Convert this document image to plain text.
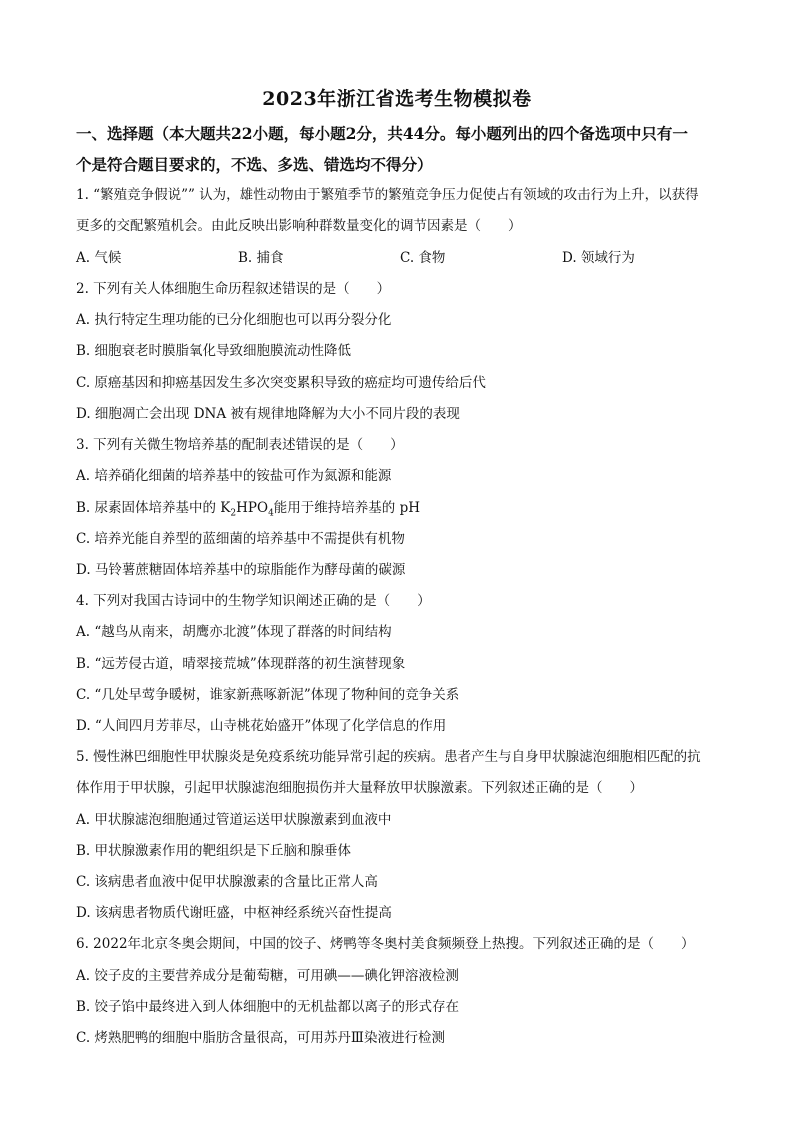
2023年浙江省选考生物模拟卷
一、选择题（本大题共22小题，每小题2分，共44分。每小题列出的四个备选项中只有一
个是符合题目要求的，不选、多选、错选均不得分）
1. “繁殖竞争假说”” 认为，雄性动物由于繁殖季节的繁殖竞争压力促使占有领域的攻击行为上升，以获得
更多的交配繁殖机会。由此反映出影响种群数量变化的调节因素是（　　）
A. 气候	B. 捕食	C. 食物	D. 领域行为
2. 下列有关人体细胞生命历程叙述错误的是（　　）
A. 执行特定生理功能的已分化细胞也可以再分裂分化
B. 细胞衰老时膜脂氧化导致细胞膜流动性降低
C. 原癌基因和抑癌基因发生多次突变累积导致的癌症均可遗传给后代
D. 细胞凋亡会出现 DNA 被有规律地降解为大小不同片段的表现
3. 下列有关微生物培养基的配制表述错误的是（　　）
A. 培养硝化细菌的培养基中的铵盐可作为氮源和能源
B. 尿素固体培养基中的 $K_2HPO_4$能用于维持培养基的 pH
C. 培养光能自养型的蓝细菌的培养基中不需提供有机物
D. 马铃薯蔗糖固体培养基中的琼脂能作为酵母菌的碳源
4. 下列对我国古诗词中的生物学知识阐述正确的是（　　）
A. “越鸟从南来，胡鹰亦北渡”体现了群落的时间结构
B. “远芳侵古道，晴翠接荒城”体现群落的初生演替现象
C. “几处早莺争暖树，谁家新燕啄新泥”体现了物种间的竞争关系
D. “人间四月芳菲尽，山寺桃花始盛开”体现了化学信息的作用
5. 慢性淋巴细胞性甲状腺炎是免疫系统功能异常引起的疾病。患者产生与自身甲状腺滤泡细胞相匹配的抗
体作用于甲状腺，引起甲状腺滤泡细胞损伤并大量释放甲状腺激素。下列叙述正确的是（　　）
A. 甲状腺滤泡细胞通过管道运送甲状腺激素到血液中
B. 甲状腺激素作用的靶组织是下丘脑和腺垂体
C. 该病患者血液中促甲状腺激素的含量比正常人高
D. 该病患者物质代谢旺盛，中枢神经系统兴奋性提高
6. 2022年北京冬奥会期间，中国的饺子、烤鸭等冬奥村美食频频登上热搜。下列叙述正确的是（　　）
A. 饺子皮的主要营养成分是葡萄糖，可用碘——碘化钾溶液检测
B. 饺子馅中最终进入到人体细胞中的无机盐都以离子的形式存在
C. 烤熟肥鸭的细胞中脂肪含量很高，可用苏丹Ⅲ染液进行检测
